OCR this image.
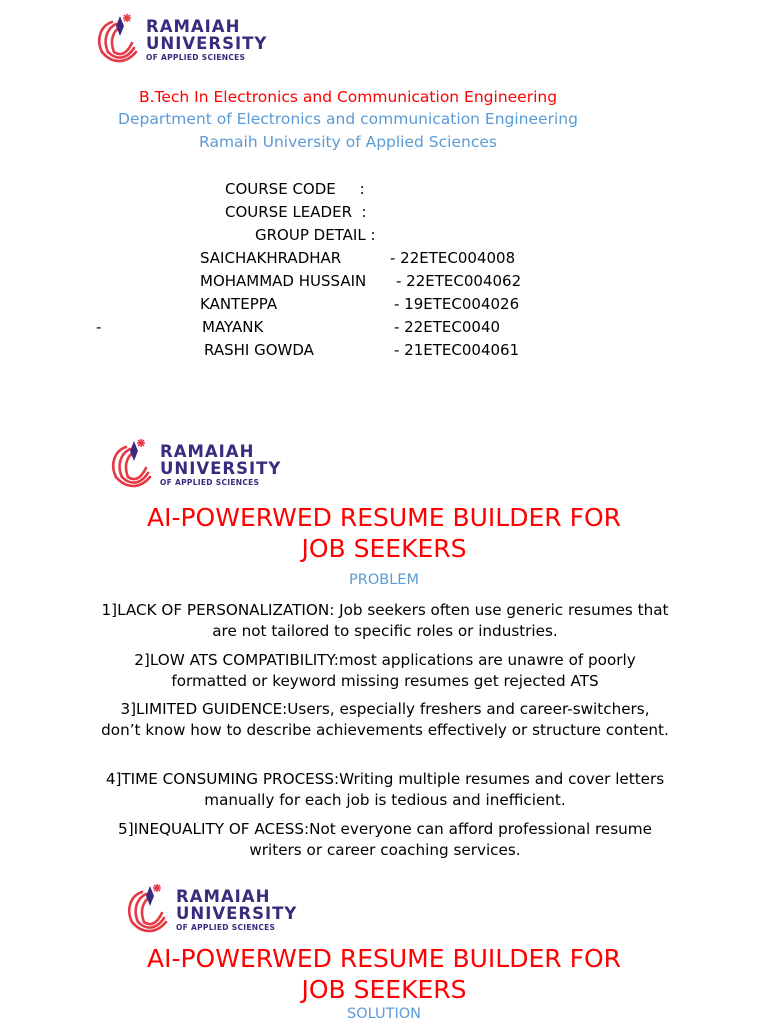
RAMAIAH
UNIVERSITY
OF APPLIED SCIENCES
B.Tech In Electronics and Communication Engineering
Department of Electronics and communication Engineering
Ramaih University of Applied Sciences
COURSE CODE     :
COURSE LEADER  :
GROUP DETAIL :
-
SAICHAKHRADHAR	- 22ETEC004008
MOHAMMAD HUSSAIN - 22ETEC004062
KANTEPPA	- 19ETEC004026
MAYANK	- 22ETEC0040
RASHI GOWDA	- 21ETEC004061
RAMAIAH
UNIVERSITY
OF APPLIED SCIENCES
AI-POWERWED RESUME BUILDER FOR
JOB SEEKERS
PROBLEM
1]LACK OF PERSONALIZATION: Job seekers often use generic resumes that are not tailored to specific roles or industries.
2]LOW ATS COMPATIBILITY:most applications are unawre of poorly formatted or keyword missing resumes get rejected ATS
3]LIMITED GUIDENCE:Users, especially freshers and career-switchers, don’t know how to describe achievements effectively or structure content.
4]TIME CONSUMING PROCESS:Writing multiple resumes and cover letters manually for each job is tedious and inefficient.
5]INEQUALITY OF ACESS:Not everyone can afford professional resume writers or career coaching services.
RAMAIAH
UNIVERSITY
OF APPLIED SCIENCES
AI-POWERWED RESUME BUILDER FOR
JOB SEEKERS
SOLUTION
